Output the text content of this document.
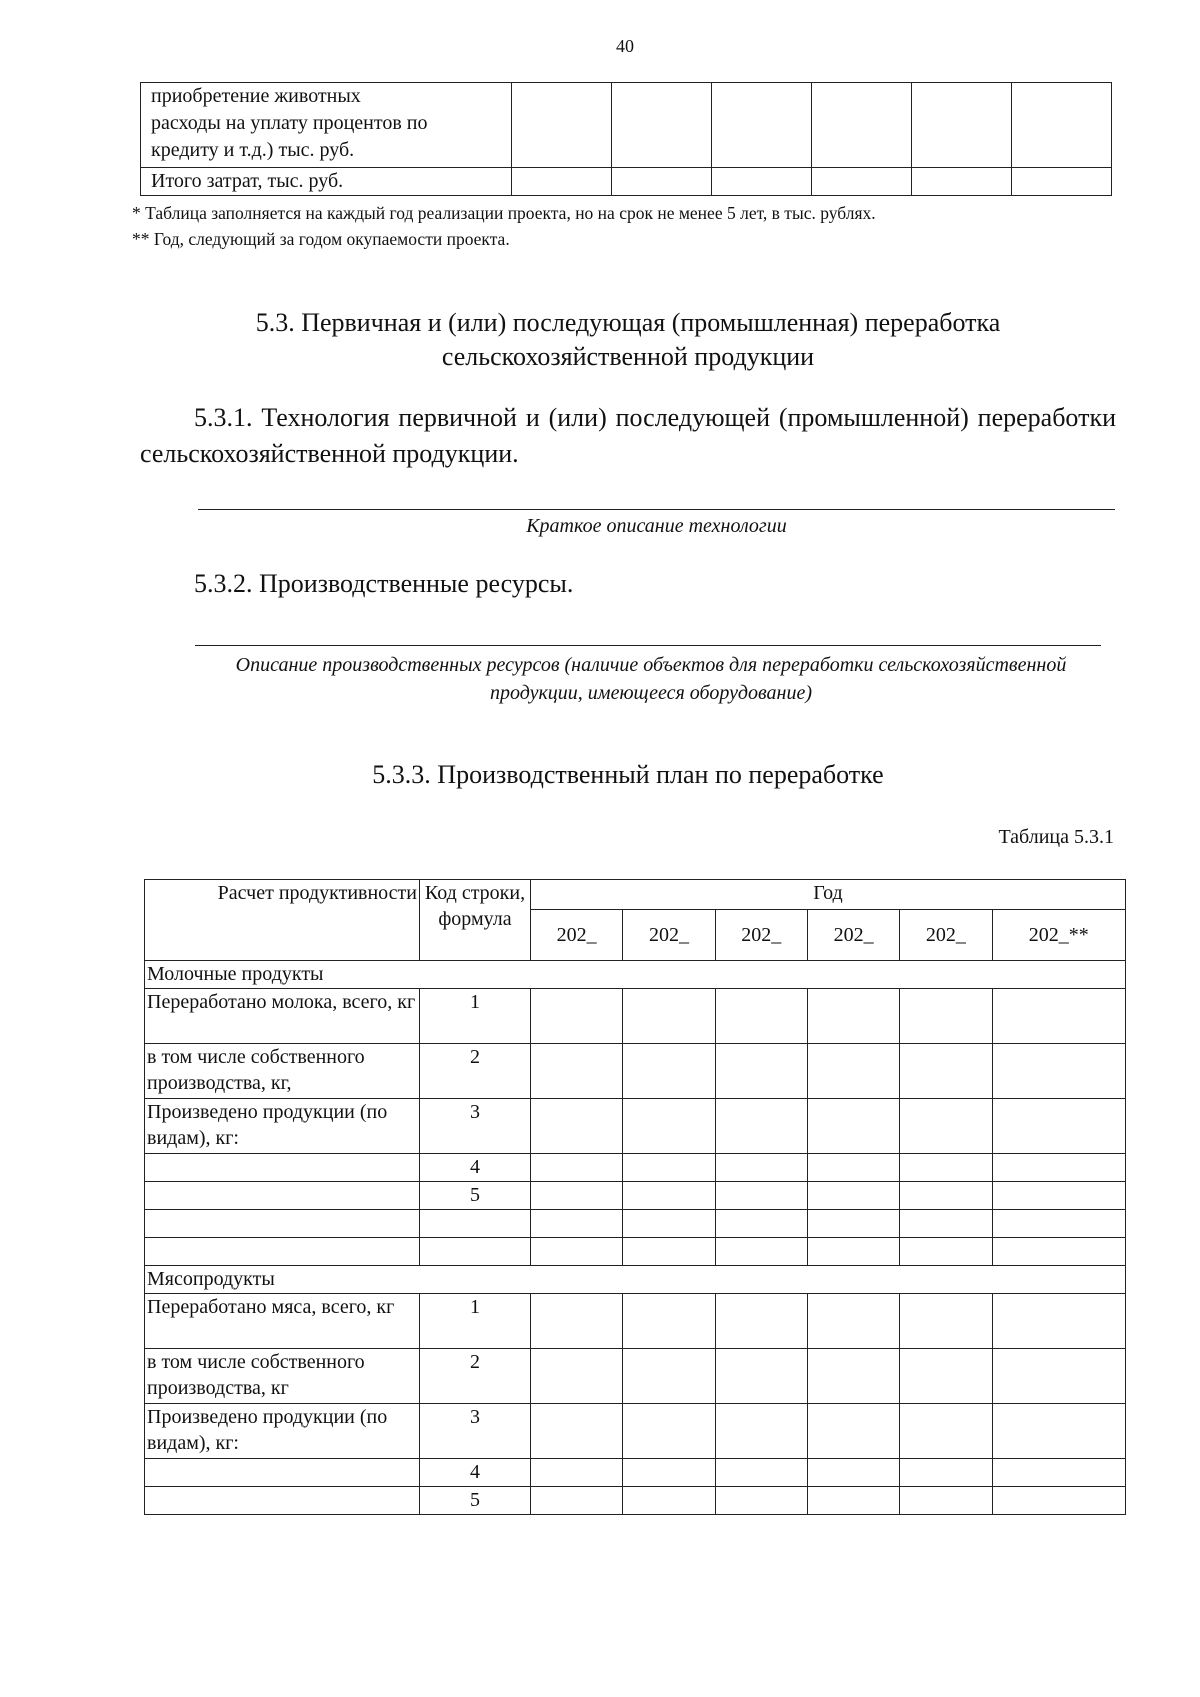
40
приобретение животных
расходы на уплату процентов по
кредиту и т.д.) тыс. руб.						

Итого затрат, тыс. руб.						
* Таблица заполняется на каждый год реализации проекта, но на срок не менее 5 лет, в тыс. рублях.
** Год, следующий за годом окупаемости проекта.
5.3. Первичная и (или) последующая (промышленная) переработка сельскохозяйственной продукции
5.3.1. Технология первичной и (или) последующей (промышленной) переработки сельскохозяйственной продукции.
Краткое описание технологии
5.3.2. Производственные ресурсы.
Описание производственных ресурсов (наличие объектов для переработки сельскохозяйственной продукции, имеющееся оборудование)
5.3.3. Производственный план по переработке
Таблица 5.3.1
Расчет продуктивности	Код строки, формула	Год					
		202_	202_	202_	202_	202_	202_**
Молочные продукты							
Переработано молока, всего, кг	1						
в том числе собственного производства, кг,	2						
Произведено продукции (по видам), кг:	3						
	4						
	5						

Мясопродукты							
Переработано мяса, всего, кг	1						
в том числе собственного производства, кг	2						
Произведено продукции (по видам), кг:	3						
	4						
	5						
